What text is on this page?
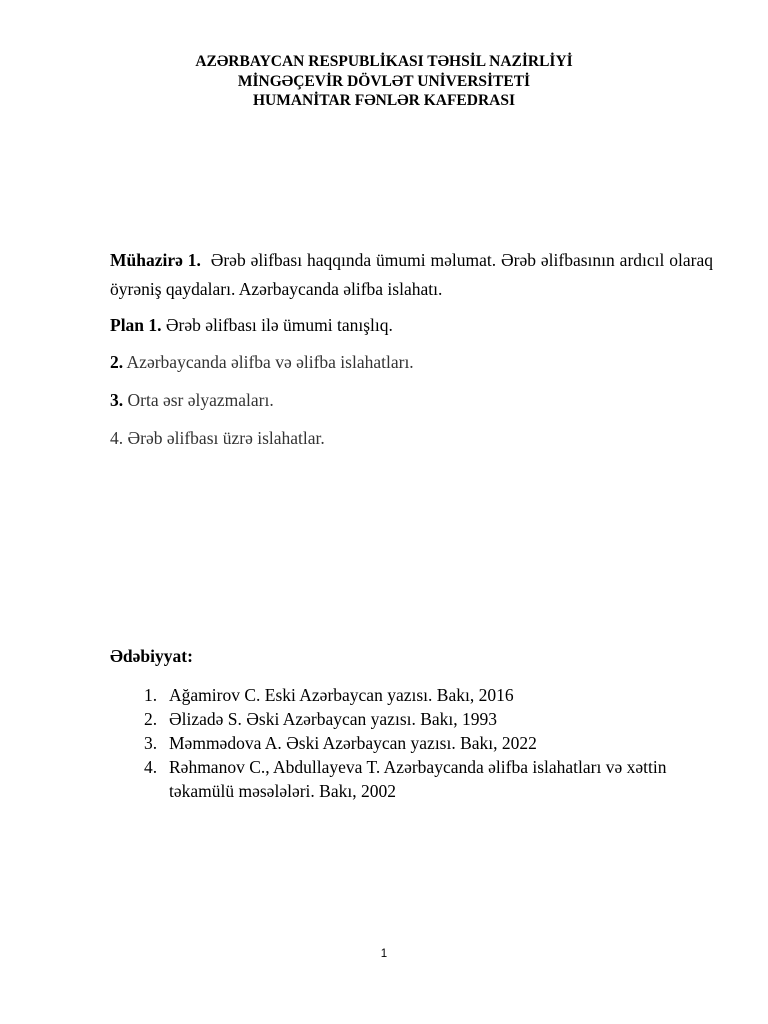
AZƏRBAYCAN RESPUBLİKASI TƏHSİL NAZİRLİYİ
MİNGƏÇEVİR DÖVLƏT UNİVERSİTETİ
HUMANİTAR FƏNLƏR KAFEDRASI
Mühazirə 1. Ərəb əlifbası haqqında ümumi məlumat. Ərəb əlifbasının ardıcıl olaraq öyrəniş qaydaları. Azərbaycanda əlifba islahatı.
Plan 1. Ərəb əlifbası ilə ümumi tanışlıq.
2. Azərbaycanda əlifba və əlifba islahatları.
3. Orta əsr əlyazmaları.
4. Ərəb əlifbası üzrə islahatlar.
Ədəbiyyat:
1. Ağamirov C. Eski Azərbaycan yazısı. Bakı, 2016
2. Əlizadə S. Əski Azərbaycan yazısı. Bakı, 1993
3. Məmmədova A. Əski Azərbaycan yazısı. Bakı, 2022
4. Rəhmanov C., Abdullayeva T. Azərbaycanda əlifba islahatları və xəttin təkamülü məsələləri. Bakı, 2002
1
